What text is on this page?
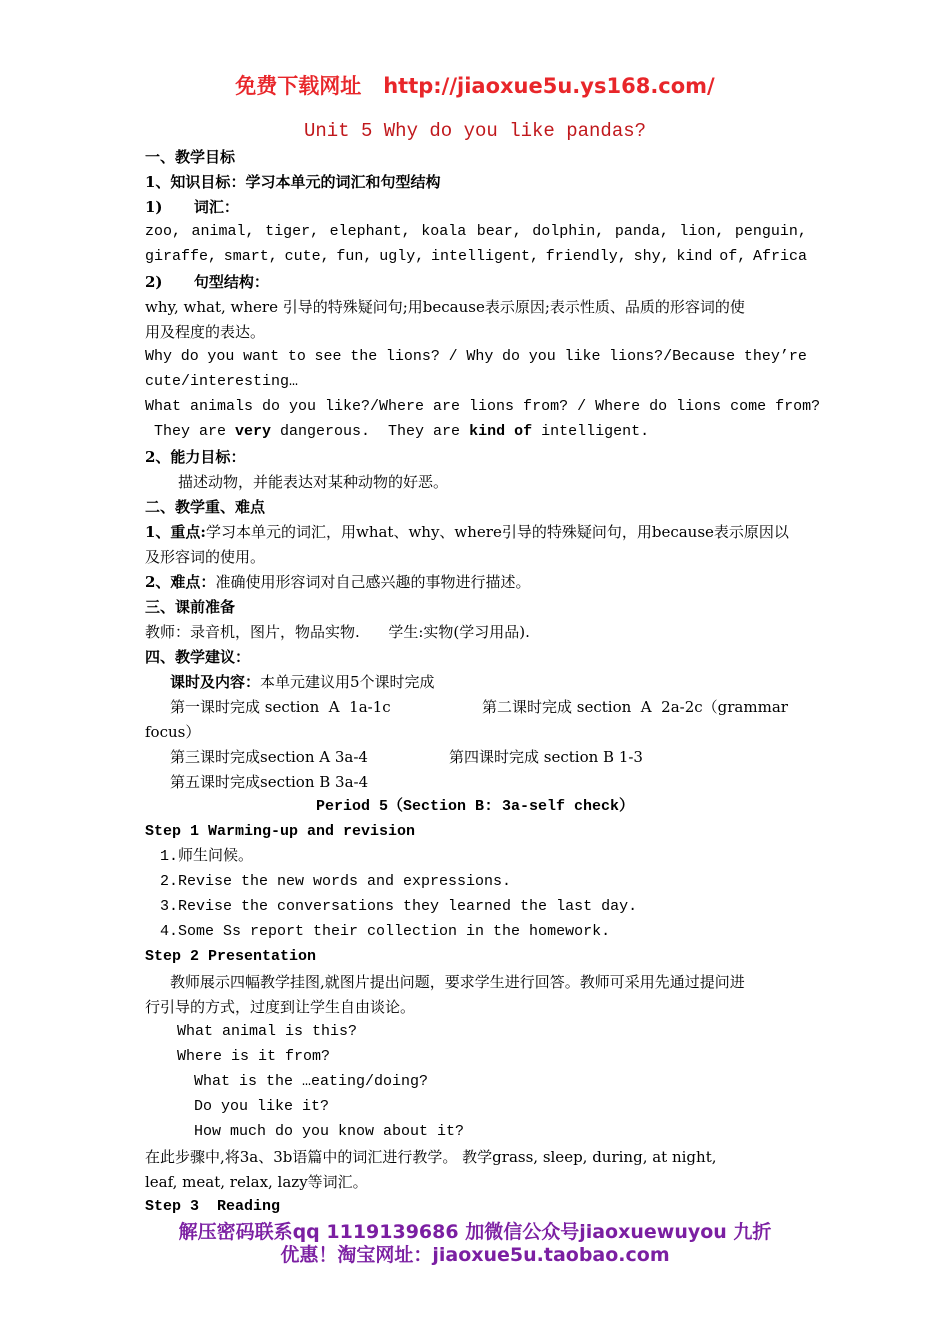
免费下载网址 http://jiaoxue5u.ys168.com/
Unit 5 Why do you like pandas?
一、教学目标
1、知识目标：学习本单元的词汇和句型结构
1)      词汇：
zoo, animal, tiger, elephant, koala bear, dolphin, panda, lion, penguin,
giraffe, smart, cute, fun, ugly, intelligent, friendly, shy, kind of, Africa
2)      句型结构：
why, what, where 引导的特殊疑问句;用because表示原因;表示性质、品质的形容词的使
用及程度的表达。
Why do you want to see the lions? / Why do you like lions?/Because they’re
cute/interesting…
What animals do you like?/Where are lions from? / Where do lions come from?
They are very dangerous.  They are kind of intelligent.
2、能力目标：
描述动物，并能表达对某种动物的好恶。
二、教学重、难点
1、重点:学习本单元的词汇，用what、why、where引导的特殊疑问句，用because表示原因以
及形容词的使用。
2、难点：准确使用形容词对自己感兴趣的事物进行描述。
三、课前准备
教师：录音机，图片，物品实物.      学生:实物(学习用品).
四、教学建议：
课时及内容：本单元建议用5个课时完成
第一课时完成 section  A  1a-1c	第二课时完成 section  A  2a-2c（grammar
focus）
第三课时完成section A 3a-4	第四课时完成 section B 1-3
第五课时完成section B 3a-4
Period 5（Section B: 3a-self check）
Step 1 Warming-up and revision
1.师生问候。
2.Revise the new words and expressions.
3.Revise the conversations they learned the last day.
4.Some Ss report their collection in the homework.
Step 2 Presentation
教师展示四幅教学挂图,就图片提出问题，要求学生进行回答。教师可采用先通过提问进
行引导的方式，过度到让学生自由谈论。
What animal is this?
Where is it from?
What is the …eating/doing?
Do you like it?
How much do you know about it?
在此步骤中,将3a、3b语篇中的词汇进行教学。 教学grass, sleep, during, at night,
leaf, meat, relax, lazy等词汇。
Step 3  Reading
解压密码联系qq 1119139686 加微信公众号jiaoxuewuyou 九折
优惠！淘宝网址：jiaoxue5u.taobao.com
